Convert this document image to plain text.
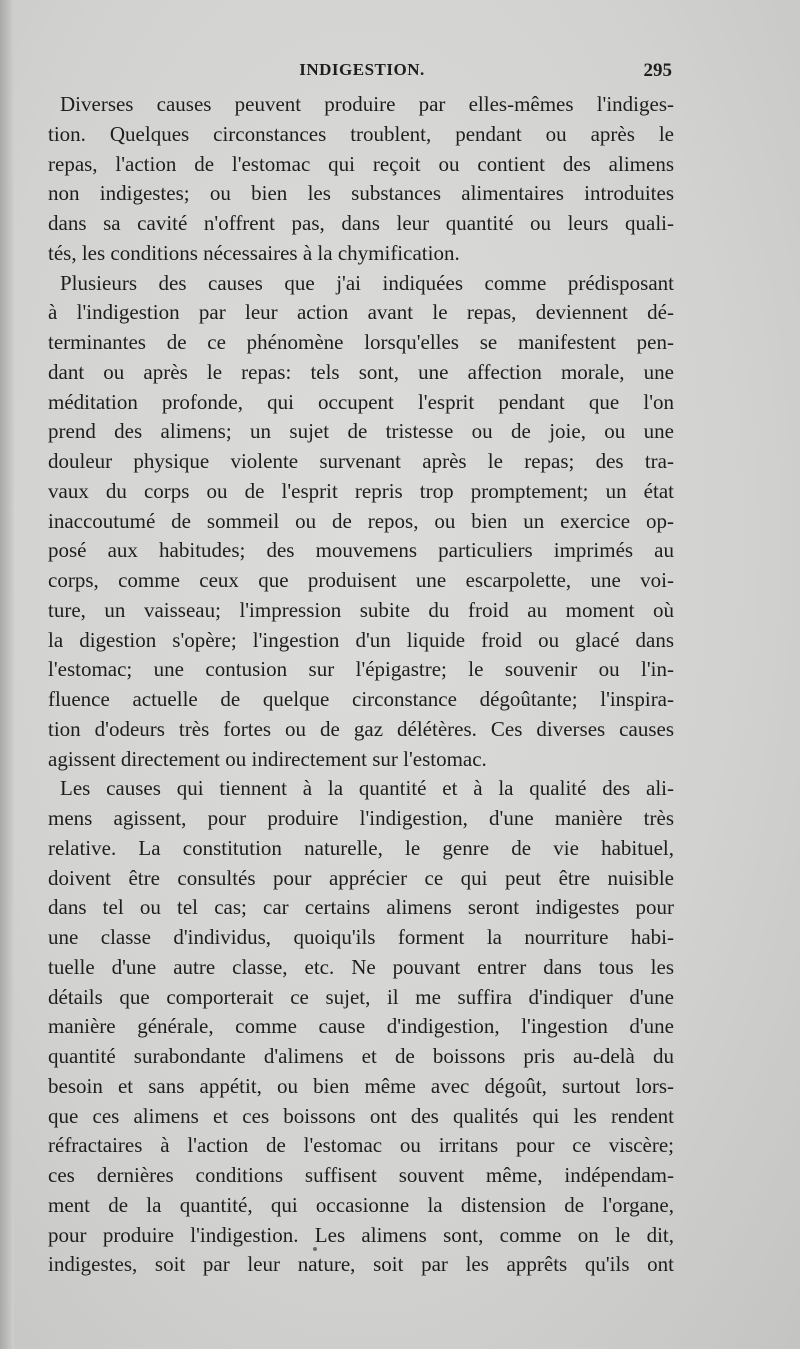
INDIGESTION.	295
Diverses causes peuvent produire par elles-mêmes l'indiges-
tion. Quelques circonstances troublent, pendant ou après le
repas, l'action de l'estomac qui reçoit ou contient des alimens
non indigestes; ou bien les substances alimentaires introduites
dans sa cavité n'offrent pas, dans leur quantité ou leurs quali-
tés, les conditions nécessaires à la chymification.
Plusieurs des causes que j'ai indiquées comme prédisposant
à l'indigestion par leur action avant le repas, deviennent dé-
terminantes de ce phénomène lorsqu'elles se manifestent pen-
dant ou après le repas: tels sont, une affection morale, une
méditation profonde, qui occupent l'esprit pendant que l'on
prend des alimens; un sujet de tristesse ou de joie, ou une
douleur physique violente survenant après le repas; des tra-
vaux du corps ou de l'esprit repris trop promptement; un état
inaccoutumé de sommeil ou de repos, ou bien un exercice op-
posé aux habitudes; des mouvemens particuliers imprimés au
corps, comme ceux que produisent une escarpolette, une voi-
ture, un vaisseau; l'impression subite du froid au moment où
la digestion s'opère; l'ingestion d'un liquide froid ou glacé dans
l'estomac; une contusion sur l'épigastre; le souvenir ou l'in-
fluence actuelle de quelque circonstance dégoûtante; l'inspira-
tion d'odeurs très fortes ou de gaz délétères. Ces diverses causes
agissent directement ou indirectement sur l'estomac.
Les causes qui tiennent à la quantité et à la qualité des ali-
mens agissent, pour produire l'indigestion, d'une manière très
relative. La constitution naturelle, le genre de vie habituel,
doivent être consultés pour apprécier ce qui peut être nuisible
dans tel ou tel cas; car certains alimens seront indigestes pour
une classe d'individus, quoiqu'ils forment la nourriture habi-
tuelle d'une autre classe, etc. Ne pouvant entrer dans tous les
détails que comporterait ce sujet, il me suffira d'indiquer d'une
manière générale, comme cause d'indigestion, l'ingestion d'une
quantité surabondante d'alimens et de boissons pris au-delà du
besoin et sans appétit, ou bien même avec dégoût, surtout lors-
que ces alimens et ces boissons ont des qualités qui les rendent
réfractaires à l'action de l'estomac ou irritans pour ce viscère;
ces dernières conditions suffisent souvent même, indépendam-
ment de la quantité, qui occasionne la distension de l'organe,
pour produire l'indigestion. Les alimens sont, comme on le dit,
indigestes, soit par leur nature, soit par les apprêts qu'ils ont
